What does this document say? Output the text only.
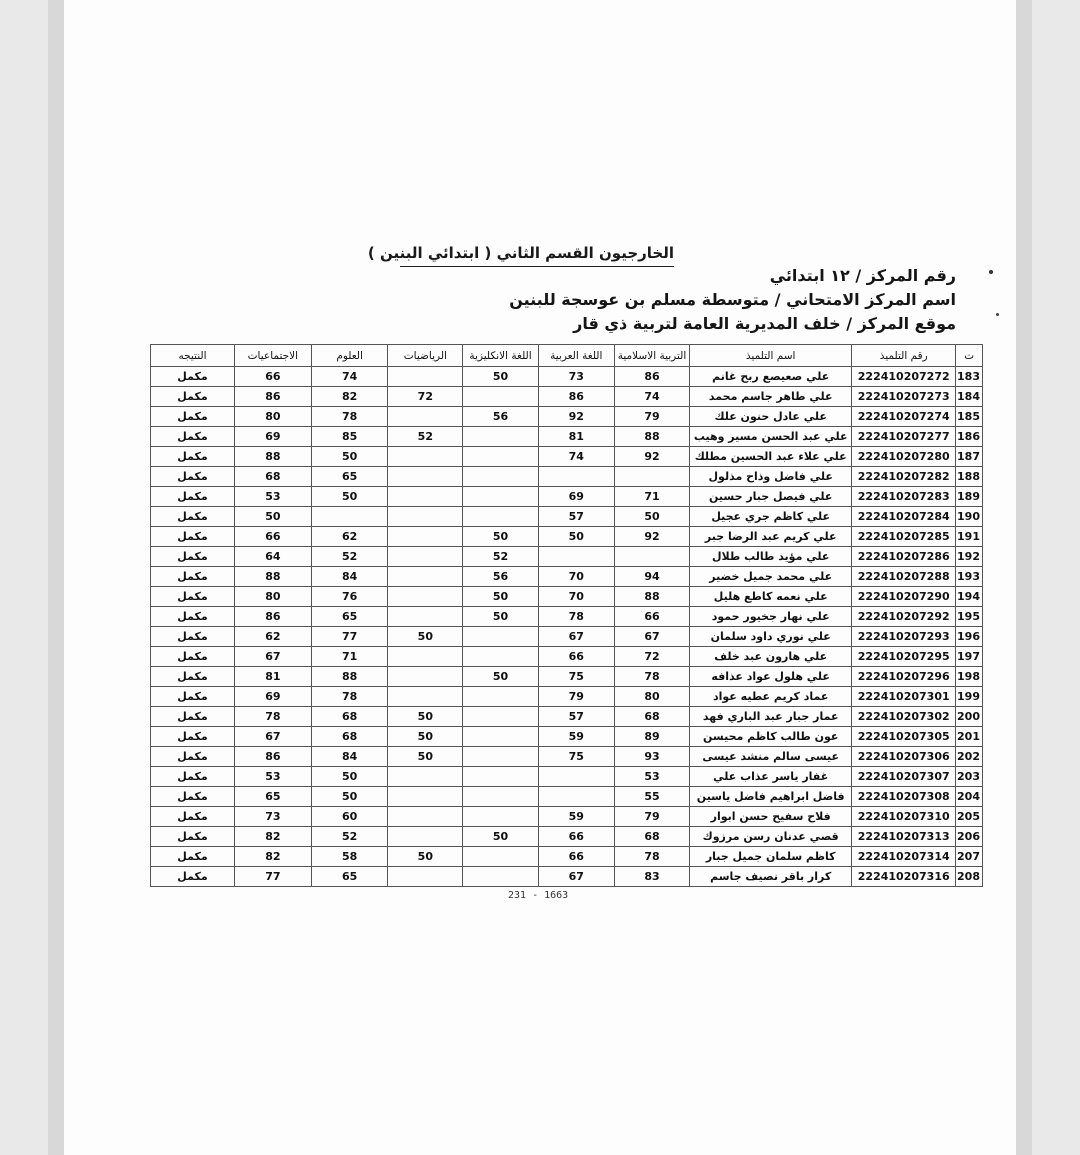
الخارجيون القسم الثاني ( ابتدائي البنين )
رقم المركز / ١٢ ابتدائي
اسم المركز الامتحاني / متوسطة مسلم بن عوسجة للبنين
موقع المركز / خلف المديرية العامة لتربية ذي قار
ت	رقم التلميذ	اسم التلميذ	التربية الاسلامية	اللغة العربية	اللغة الانكليزية	الرياضيات	العلوم	الاجتماعيات	النتيجه
183	222410207272	علي صعيصع ربح غانم	86	73	50		74	66	مكمل
184	222410207273	علي طاهر جاسم محمد	74	86		72	82	86	مكمل
185	222410207274	علي عادل حنون علك	79	92	56		78	80	مكمل
186	222410207277	علي عبد الحسن مسير وهيب	88	81		52	85	69	مكمل
187	222410207280	علي علاء عبد الحسين مطلك	92	74			50	88	مكمل
188	222410207282	علي فاضل وذاح مذلول					65	68	مكمل
189	222410207283	علي فيصل جبار حسين	71	69			50	53	مكمل
190	222410207284	علي كاظم جري عجيل	50	57				50	مكمل
191	222410207285	علي كريم عبد الرضا جبر	92	50	50		62	66	مكمل
192	222410207286	علي مؤيد طالب طلال			52		52	64	مكمل
193	222410207288	علي محمد جميل خضير	94	70	56		84	88	مكمل
194	222410207290	علي نعمه كاطع هليل	88	70	50		76	80	مكمل
195	222410207292	علي نهار جخيور حمود	66	78	50		65	86	مكمل
196	222410207293	علي نوري داود سلمان	67	67		50	77	62	مكمل
197	222410207295	علي هارون عبد خلف	72	66			71	67	مكمل
198	222410207296	علي هلول عواد عذافه	78	75	50		88	81	مكمل
199	222410207301	عماد كريم عطيه عواد	80	79			78	69	مكمل
200	222410207302	عمار جبار عبد الباري فهد	68	57		50	68	78	مكمل
201	222410207305	عون طالب كاظم محيسن	89	59		50	68	67	مكمل
202	222410207306	عيسى سالم منشد عيسى	93	75		50	84	86	مكمل
203	222410207307	غفار ياسر عذاب علي	53				50	53	مكمل
204	222410207308	فاضل ابراهيم فاضل ياسين	55				50	65	مكمل
205	222410207310	فلاح سفيح حسن ابوار	79	59			60	73	مكمل
206	222410207313	قصي عدنان رسن مرزوك	68	66	50		52	82	مكمل
207	222410207314	كاظم سلمان جميل جبار	78	66		50	58	82	مكمل
208	222410207316	كرار باقر نصيف جاسم	83	67			65	77	مكمل
231 - 1663
